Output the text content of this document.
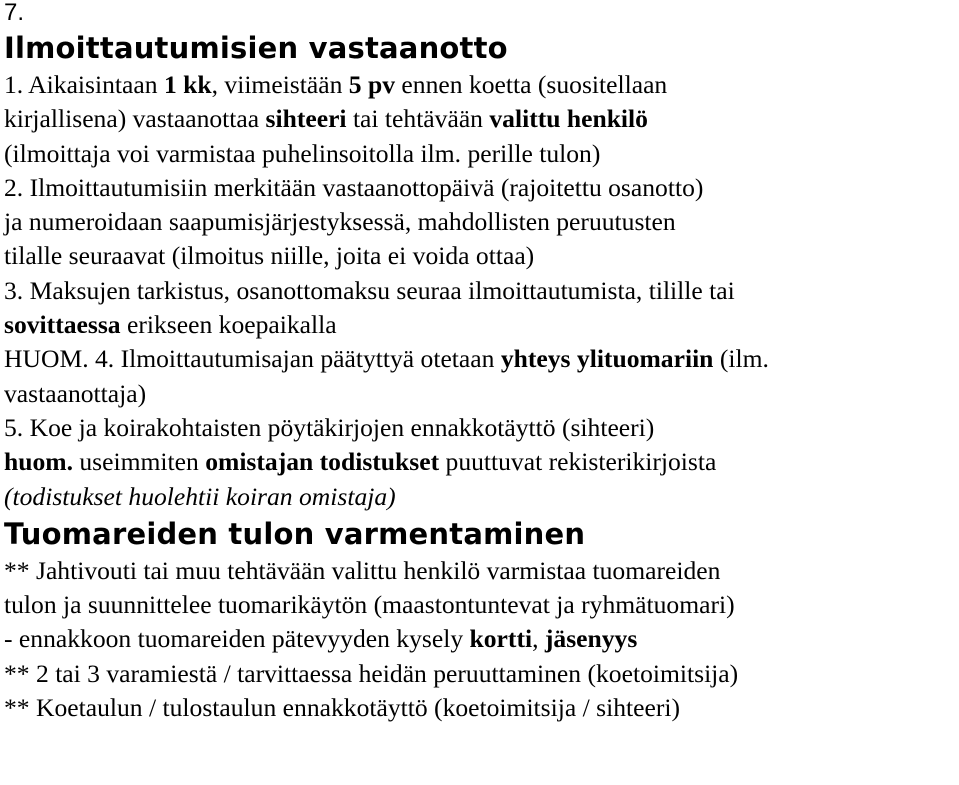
7.
Ilmoittautumisien vastaanotto
1. Aikaisintaan 1 kk, viimeistään 5 pv ennen koetta (suositellaan
kirjallisena) vastaanottaa sihteeri tai tehtävään valittu henkilö
(ilmoittaja voi varmistaa puhelinsoitolla ilm. perille tulon)
2. Ilmoittautumisiin merkitään vastaanottopäivä (rajoitettu osanotto)
ja numeroidaan saapumisjärjestyksessä, mahdollisten peruutusten
tilalle seuraavat (ilmoitus niille, joita ei voida ottaa)
3. Maksujen tarkistus, osanottomaksu seuraa ilmoittautumista, tilille tai
sovittaessa erikseen koepaikalla
HUOM. 4. Ilmoittautumisajan päätyttyä otetaan yhteys ylituomariin (ilm.
vastaanottaja)
5. Koe ja koirakohtaisten pöytäkirjojen ennakkotäyttö (sihteeri)
huom. useimmiten omistajan todistukset puuttuvat rekisterikirjoista
(todistukset huolehtii koiran omistaja)
Tuomareiden tulon varmentaminen
** Jahtivouti tai muu tehtävään valittu henkilö varmistaa tuomareiden
tulon ja suunnittelee tuomarikäytön (maastontuntevat ja ryhmätuomari)
- ennakkoon tuomareiden pätevyyden kysely kortti, jäsenyys
** 2 tai 3 varamiestä / tarvittaessa heidän peruuttaminen (koetoimitsija)
** Koetaulun / tulostaulun ennakkotäyttö (koetoimitsija / sihteeri)
